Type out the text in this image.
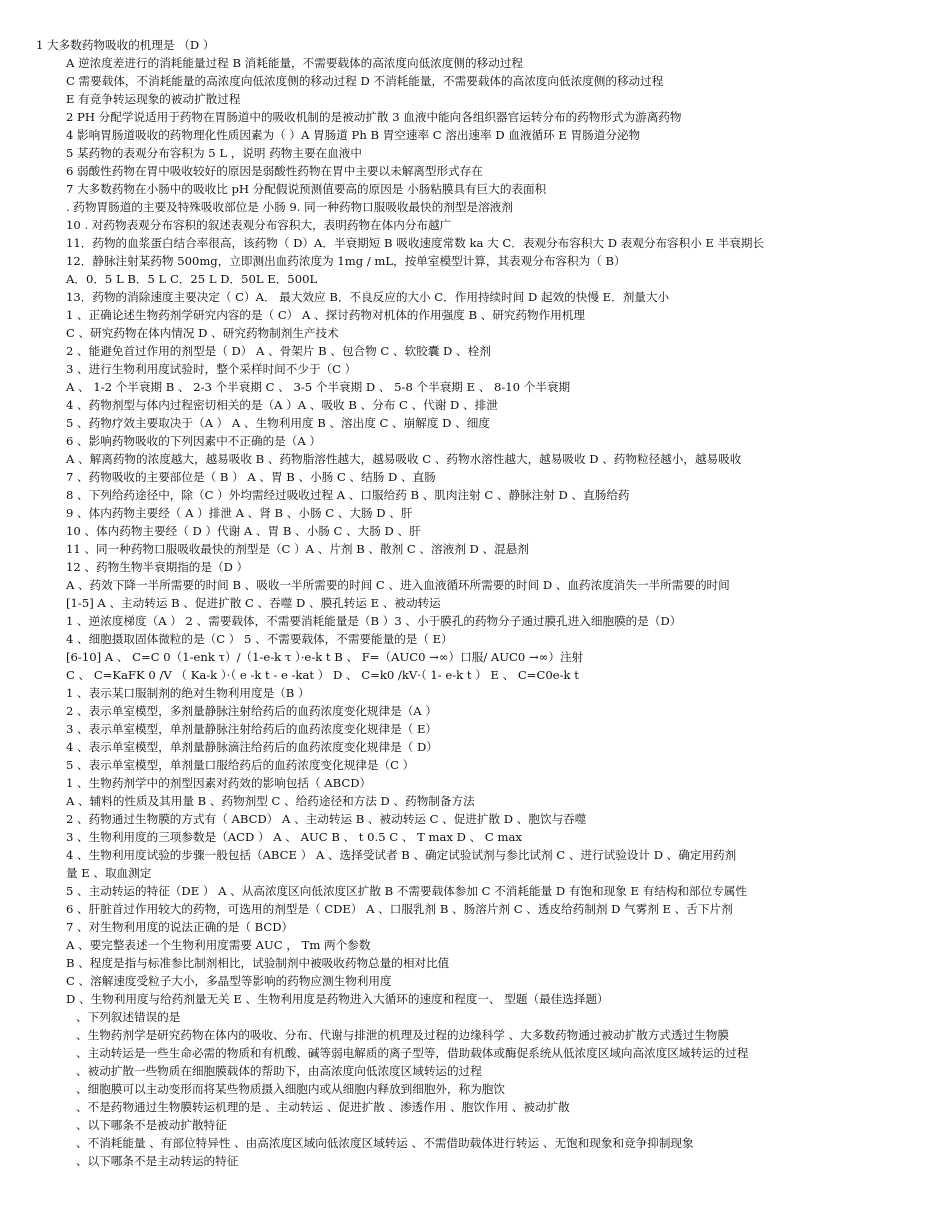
1 大多数药物吸收的机理是 （D ）
A 逆浓度差进行的消耗能量过程 B 消耗能量，不需要载体的高浓度向低浓度侧的移动过程
C 需要载体，不消耗能量的高浓度向低浓度侧的移动过程 D 不消耗能量，不需要载体的高浓度向低浓度侧的移动过程
E 有竞争转运现象的被动扩散过程
2 PH 分配学说适用于药物在胃肠道中的吸收机制的是被动扩散 3 血液中能向各组织器官运转分布的药物形式为游离药物
4 影响胃肠道吸收的药物理化性质因素为（ ）A 胃肠道 Ph B 胃空速率 C 溶出速率 D 血液循环 E 胃肠道分泌物
5 某药物的表观分布容积为 5 L ，说明 药物主要在血液中
6 弱酸性药物在胃中吸收较好的原因是弱酸性药物在胃中主要以未解离型形式存在
7 大多数药物在小肠中的吸收比 pH 分配假说预测值要高的原因是 小肠粘膜具有巨大的表面积
. 药物胃肠道的主要及特殊吸收部位是 小肠 9. 同一种药物口服吸收最快的剂型是溶液剂
10 . 对药物表观分布容积的叙述表观分布容积大，表明药物在体内分布越广
11．药物的血浆蛋白结合率很高，该药物（ D）A．半衰期短 B 吸收速度常数 ka 大 C．表观分布容积大 D 表观分布容积小 E 半衰期长
12．静脉注射某药物 500mg，立即测出血药浓度为 1mg / mL，按单室模型计算，其表观分布容积为（ B）
A．0．5 L B．5 L C．25 L D．50L E．500L
13．药物的消除速度主要决定（ C）A． 最大效应 B．不良反应的大小 C．作用持续时间 D 起效的快慢 E．剂量大小
1 、正确论述生物药剂学研究内容的是（ C） A 、探讨药物对机体的作用强度 B 、研究药物作用机理
C 、研究药物在体内情况 D 、研究药物制剂生产技术
2 、能避免首过作用的剂型是（ D） A 、骨架片 B 、包合物 C 、软胶囊 D 、栓剂
3 、进行生物利用度试验时，整个采样时间不少于（C ）
A 、 1-2 个半衰期 B 、 2-3 个半衰期 C 、 3-5 个半衰期 D 、 5-8 个半衰期 E 、 8-10 个半衰期
4 、药物剂型与体内过程密切相关的是（A ）A 、吸收 B 、分布 C 、代谢 D 、排泄
5 、药物疗效主要取决于（A ） A 、生物利用度 B 、溶出度 C 、崩解度 D 、细度
6 、影响药物吸收的下列因素中不正确的是（A ）
A 、解离药物的浓度越大，越易吸收 B 、药物脂溶性越大，越易吸收 C 、药物水溶性越大，越易吸收 D 、药物粒径越小，越易吸收
7 、药物吸收的主要部位是（ B ） A 、胃 B 、小肠 C 、结肠 D 、直肠
8 、下列给药途径中，除（C ）外均需经过吸收过程 A 、口服给药 B 、肌肉注射 C 、静脉注射 D 、直肠给药
9 、体内药物主要经（ A ）排泄 A 、肾 B 、小肠 C 、大肠 D 、肝
10 、体内药物主要经（ D ）代谢 A 、胃 B 、小肠 C 、大肠 D 、肝
11 、同一种药物口服吸收最快的剂型是（C ）A 、片剂 B 、散剂 C 、溶液剂 D 、混悬剂
12 、药物生物半衰期指的是（D ）
A 、药效下降一半所需要的时间 B 、吸收一半所需要的时间 C 、进入血液循环所需要的时间 D 、血药浓度消失一半所需要的时间
[1-5] A 、主动转运 B 、促进扩散 C 、吞噬 D 、膜孔转运 E 、被动转运
1 、逆浓度梯度（A ） 2 、需要载体，不需要消耗能量是（B ）3 、小于膜孔的药物分子通过膜孔进入细胞膜的是（D）
4 、细胞摄取固体微粒的是（C ） 5 、不需要载体，不需要能量的是（ E）
[6-10] A 、 C=C 0（1-enk τ）/（1-e-k τ ）·e-k t B 、 F=（AUC0 →∞）口服/ AUC0 →∞）注射
C 、 C=KaFK 0 /V （ Ka-k ）·（ e -k t - e -kat ） D 、 C=k0 /kV·（ 1- e-k t ） E 、 C=C0e-k t
1 、表示某口服制剂的绝对生物利用度是（B ）
2 、表示单室模型，多剂量静脉注射给药后的血药浓度变化规律是（A ）
3 、表示单室模型，单剂量静脉注射给药后的血药浓度变化规律是（ E）
4 、表示单室模型，单剂量静脉滴注给药后的血药浓度变化规律是（ D）
5 、表示单室模型，单剂量口服给药后的血药浓度变化规律是（C ）
1 、生物药剂学中的剂型因素对药效的影响包括（ ABCD）
A 、辅料的性质及其用量 B 、药物剂型 C 、给药途径和方法 D 、药物制备方法
2 、药物通过生物膜的方式有（ ABCD） A 、主动转运 B 、被动转运 C 、促进扩散 D 、胞饮与吞噬
3 、生物利用度的三项参数是（ACD ） A 、 AUC B 、 t 0.5 C 、 T max D 、 C max
4 、生物利用度试验的步骤一般包括（ABCE ） A 、选择受试者 B 、确定试验试剂与参比试剂 C 、进行试验设计 D 、确定用药剂
量 E 、取血测定
5 、主动转运的特征（DE ） A 、从高浓度区向低浓度区扩散 B 不需要载体参加 C 不消耗能量 D 有饱和现象 E 有结构和部位专属性
6 、肝脏首过作用较大的药物，可选用的剂型是（ CDE） A 、口服乳剂 B 、肠溶片剂 C 、透皮给药制剂 D 气雾剂 E 、舌下片剂
7 、对生物利用度的说法正确的是（ BCD）
A 、要完整表述一个生物利用度需要 AUC ， Tm 两个参数
B 、程度是指与标准参比制剂相比，试验制剂中被吸收药物总量的相对比值
C 、溶解速度受粒子大小，多晶型等影响的药物应测生物利用度
D 、生物利用度与给药剂量无关 E 、生物利用度是药物进入大循环的速度和程度一、 型题（最佳选择题）
、下列叙述错误的是
、生物药剂学是研究药物在体内的吸收、分布、代谢与排泄的机理及过程的边缘科学 、大多数药物通过被动扩散方式透过生物膜
、主动转运是一些生命必需的物质和有机酸、碱等弱电解质的离子型等，借助载体或酶促系统从低浓度区域向高浓度区域转运的过程
、被动扩散一些物质在细胞膜载体的帮助下，由高浓度向低浓度区域转运的过程
、细胞膜可以主动变形而将某些物质摄入细胞内或从细胞内释放到细胞外，称为胞饮
、不是药物通过生物膜转运机理的是 、主动转运 、促进扩散 、渗透作用 、胞饮作用 、被动扩散
、以下哪条不是被动扩散特征
、不消耗能量 、有部位特异性 、由高浓度区域向低浓度区域转运 、不需借助载体进行转运 、无饱和现象和竞争抑制现象
、以下哪条不是主动转运的特征
